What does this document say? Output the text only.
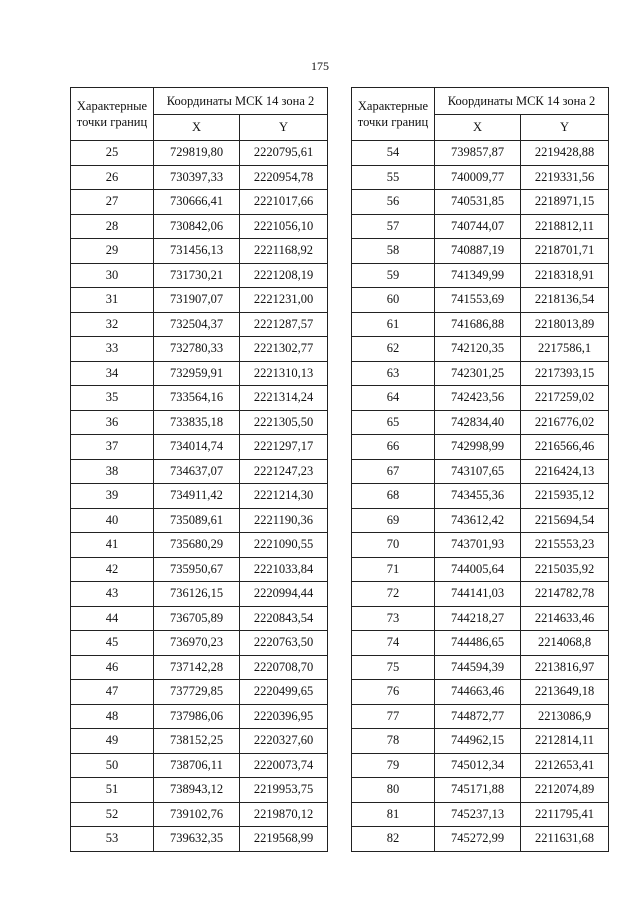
175
Характерные
точки границ	Координаты МСК 14 зона 2	
	X	Y
25	729819,80	2220795,61
26	730397,33	2220954,78
27	730666,41	2221017,66
28	730842,06	2221056,10
29	731456,13	2221168,92
30	731730,21	2221208,19
31	731907,07	2221231,00
32	732504,37	2221287,57
33	732780,33	2221302,77
34	732959,91	2221310,13
35	733564,16	2221314,24
36	733835,18	2221305,50
37	734014,74	2221297,17
38	734637,07	2221247,23
39	734911,42	2221214,30
40	735089,61	2221190,36
41	735680,29	2221090,55
42	735950,67	2221033,84
43	736126,15	2220994,44
44	736705,89	2220843,54
45	736970,23	2220763,50
46	737142,28	2220708,70
47	737729,85	2220499,65
48	737986,06	2220396,95
49	738152,25	2220327,60
50	738706,11	2220073,74
51	738943,12	2219953,75
52	739102,76	2219870,12
53	739632,35	2219568,99
Характерные
точки границ	Координаты МСК 14 зона 2	
	X	Y
54	739857,87	2219428,88
55	740009,77	2219331,56
56	740531,85	2218971,15
57	740744,07	2218812,11
58	740887,19	2218701,71
59	741349,99	2218318,91
60	741553,69	2218136,54
61	741686,88	2218013,89
62	742120,35	2217586,1
63	742301,25	2217393,15
64	742423,56	2217259,02
65	742834,40	2216776,02
66	742998,99	2216566,46
67	743107,65	2216424,13
68	743455,36	2215935,12
69	743612,42	2215694,54
70	743701,93	2215553,23
71	744005,64	2215035,92
72	744141,03	2214782,78
73	744218,27	2214633,46
74	744486,65	2214068,8
75	744594,39	2213816,97
76	744663,46	2213649,18
77	744872,77	2213086,9
78	744962,15	2212814,11
79	745012,34	2212653,41
80	745171,88	2212074,89
81	745237,13	2211795,41
82	745272,99	2211631,68
